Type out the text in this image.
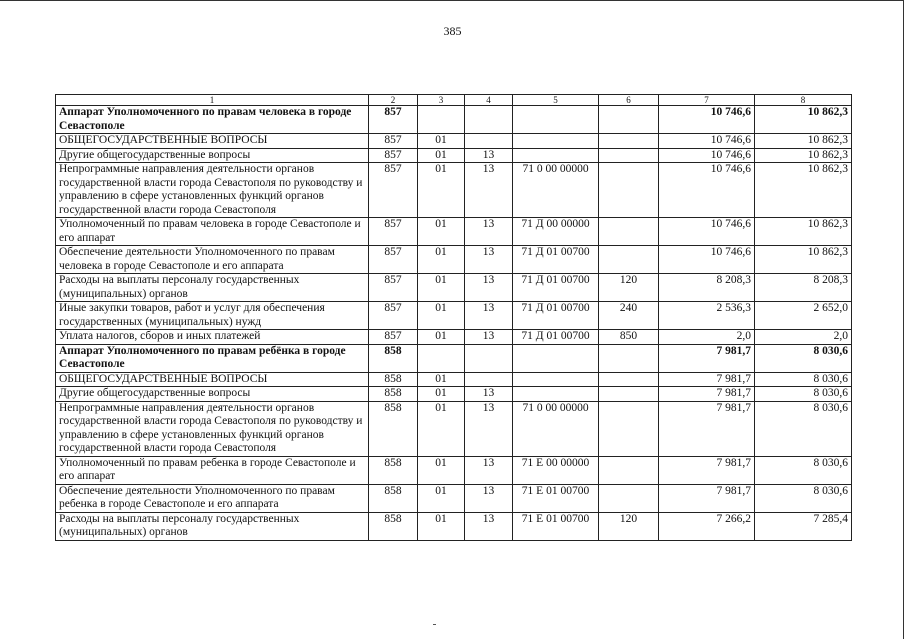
385
1	2	3	4	5	6	7	8
Аппарат Уполномоченного по правам человека в городе Севастополе	857					10 746,6	10 862,3
ОБЩЕГОСУДАРСТВЕННЫЕ ВОПРОСЫ	857	01				10 746,6	10 862,3
Другие общегосударственные вопросы	857	01	13			10 746,6	10 862,3
Непрограммные направления деятельности органов государственной власти города Севастополя по руководству и управлению в сфере установленных функций органов государственной власти города Севастополя	857	01	13	71 0 00 00000		10 746,6	10 862,3
Уполномоченный по правам человека в городе Севастополе и его аппарат	857	01	13	71 Д 00 00000		10 746,6	10 862,3
Обеспечение деятельности Уполномоченного по правам человека в городе Севастополе и его аппарата	857	01	13	71 Д 01 00700		10 746,6	10 862,3
Расходы на выплаты персоналу государственных (муниципальных) органов	857	01	13	71 Д 01 00700	120	8 208,3	8 208,3
Иные закупки товаров, работ и услуг для обеспечения государственных (муниципальных) нужд	857	01	13	71 Д 01 00700	240	2 536,3	2 652,0
Уплата налогов, сборов и иных платежей	857	01	13	71 Д 01 00700	850	2,0	2,0
Аппарат Уполномоченного по правам ребёнка в городе Севастополе	858					7 981,7	8 030,6
ОБЩЕГОСУДАРСТВЕННЫЕ ВОПРОСЫ	858	01				7 981,7	8 030,6
Другие общегосударственные вопросы	858	01	13			7 981,7	8 030,6
Непрограммные направления деятельности органов государственной власти города Севастополя по руководству и управлению в сфере установленных функций органов государственной власти города Севастополя	858	01	13	71 0 00 00000		7 981,7	8 030,6
Уполномоченный по правам ребенка в городе Севастополе и его аппарат	858	01	13	71 Е 00 00000		7 981,7	8 030,6
Обеспечение деятельности Уполномоченного по правам ребенка в городе Севастополе и его аппарата	858	01	13	71 Е 01 00700		7 981,7	8 030,6
Расходы на выплаты персоналу государственных (муниципальных) органов	858	01	13	71 Е 01 00700	120	7 266,2	7 285,4
